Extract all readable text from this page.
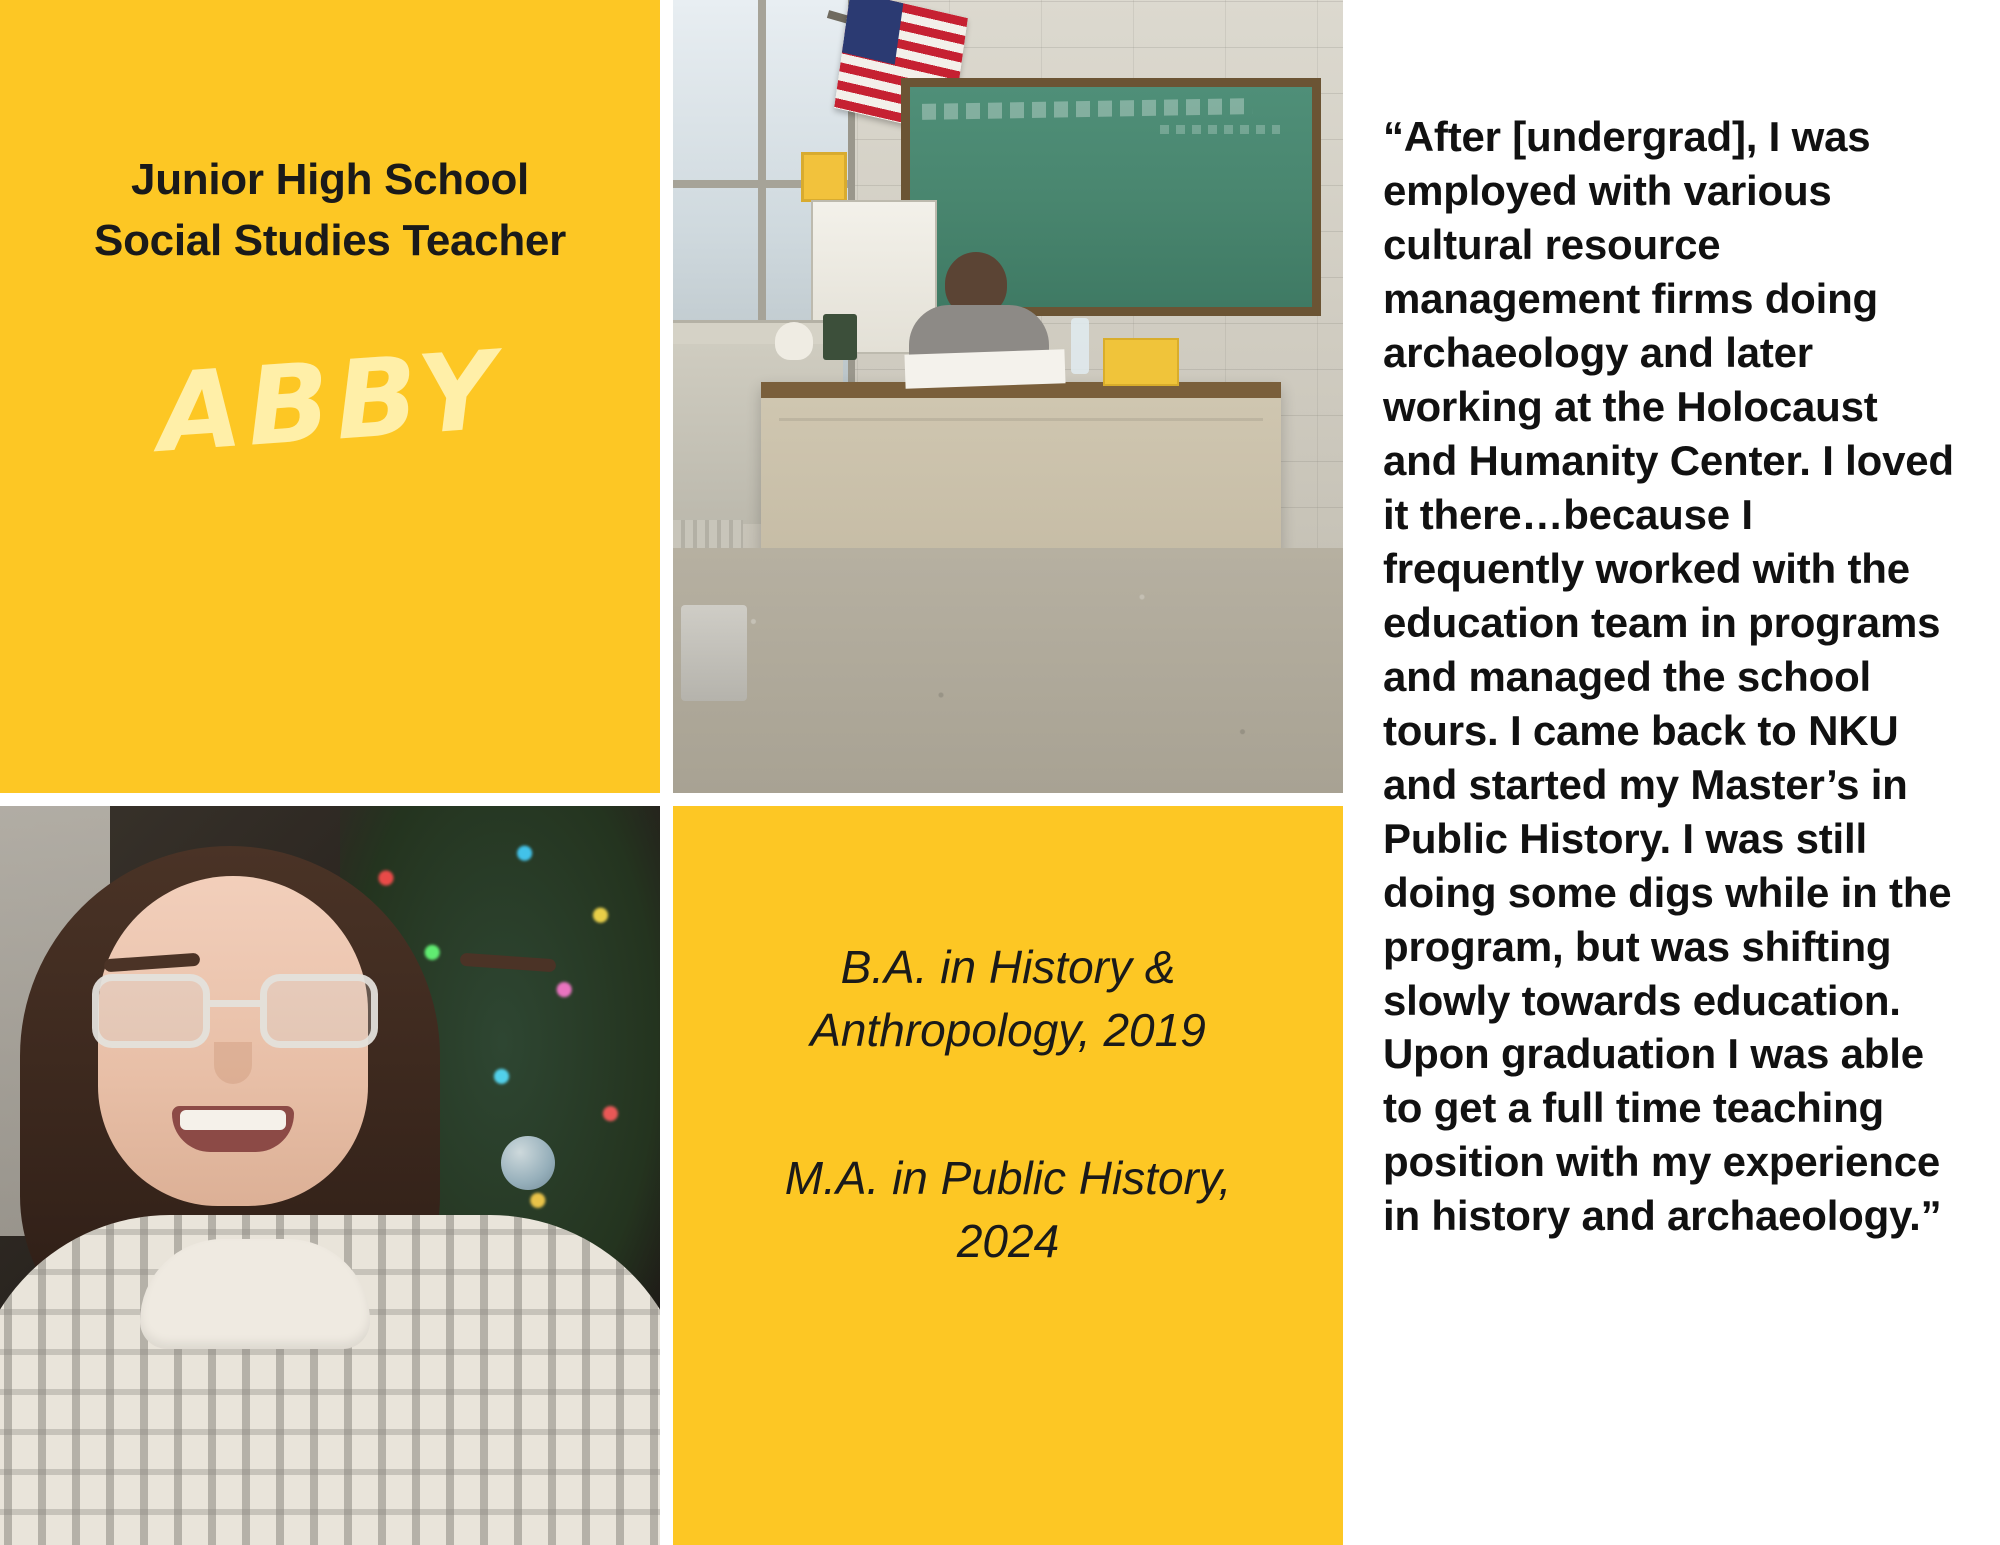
Junior High School
Social Studies Teacher
ABBY
B.A. in History & Anthropology, 2019
M.A. in Public History, 2024

“After [undergrad], I was employed with various cultural resource management firms doing archaeology and later working at the Holocaust and Humanity Center. I loved it there…because I frequently worked with the education team in programs and managed the school tours. I came back to NKU and started my Master’s in Public History. I was still doing some digs while in the program, but was shifting slowly towards education. Upon graduation I was able to get a full time teaching position with my experience in history and archaeology.”
